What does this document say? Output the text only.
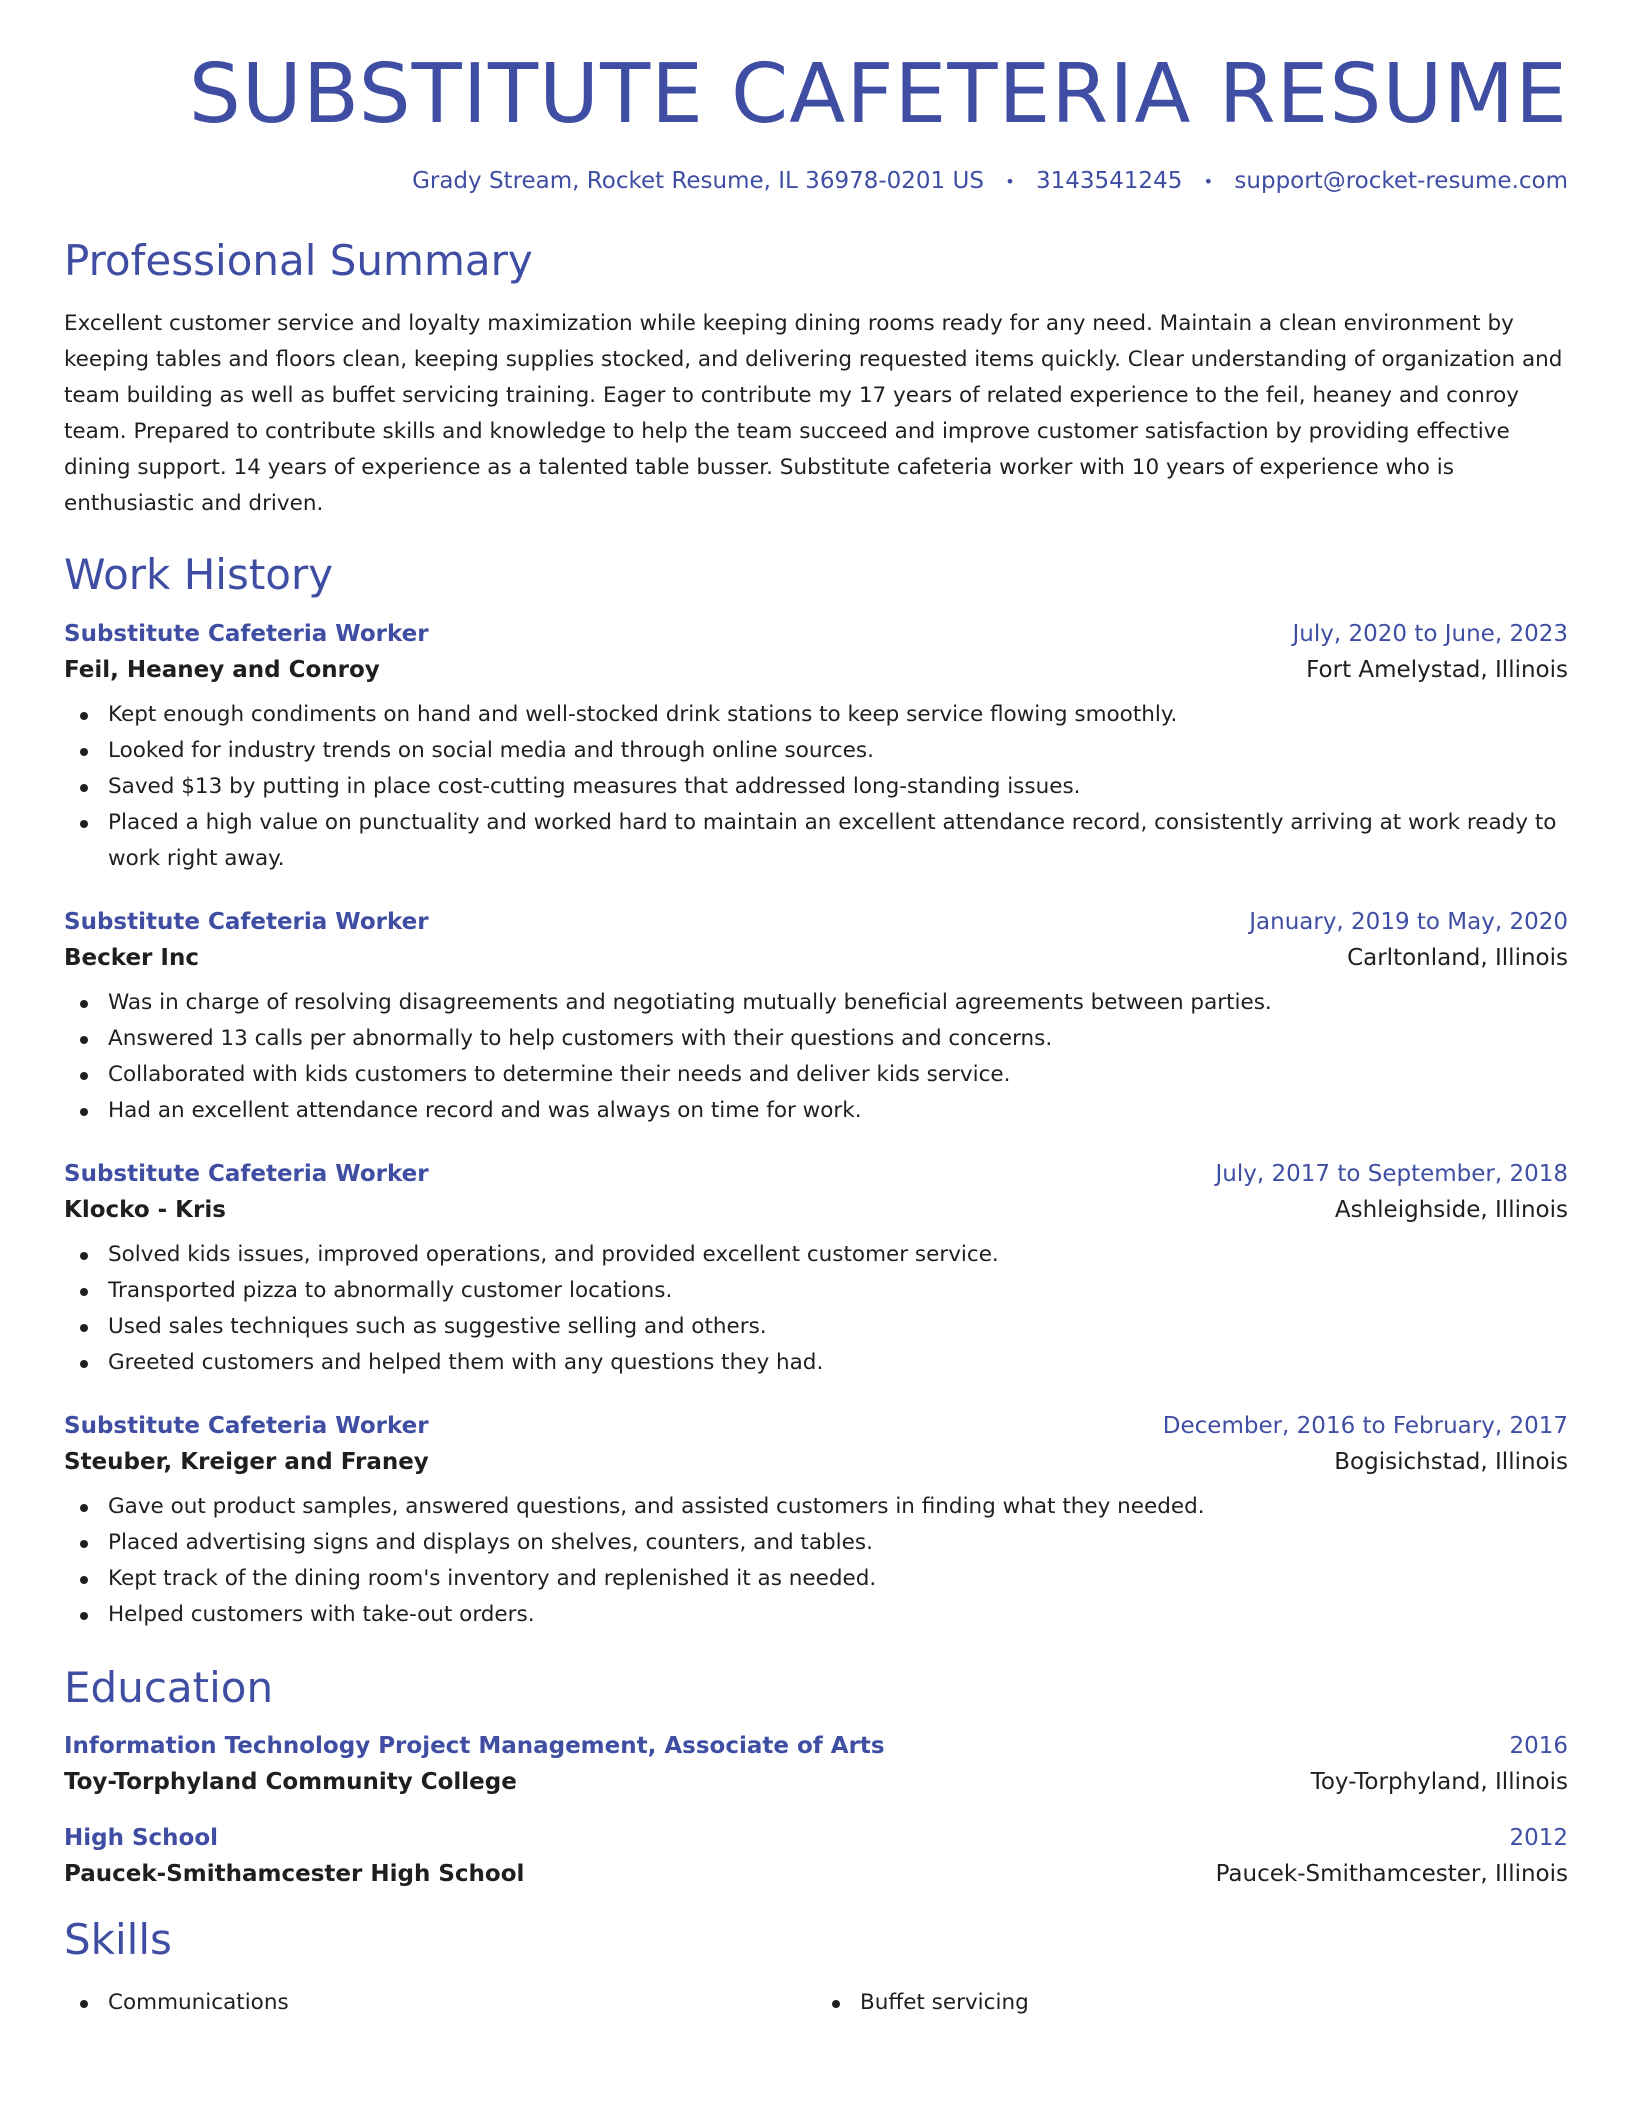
SUBSTITUTE CAFETERIA RESUME
Grady Stream, Rocket Resume, IL 36978-0201 US • 3143541245 • support@rocket-resume.com
Professional Summary

Excellent customer service and loyalty maximization while keeping dining rooms ready for any need. Maintain a clean environment by keeping tables and floors clean, keeping supplies stocked, and delivering requested items quickly. Clear understanding of organization and team building as well as buffet servicing training. Eager to contribute my 17 years of related experience to the feil, heaney and conroy team. Prepared to contribute skills and knowledge to help the team succeed and improve customer satisfaction by providing effective dining support. 14 years of experience as a talented table busser. Substitute cafeteria worker with 10 years of experience who is enthusiastic and driven.

Work History
Substitute Cafeteria Worker	July, 2020 to June, 2023
Feil, Heaney and Conroy	Fort Amelystad, Illinois
Kept enough condiments on hand and well-stocked drink stations to keep service flowing smoothly.
Looked for industry trends on social media and through online sources.
Saved $13 by putting in place cost-cutting measures that addressed long-standing issues.
Placed a high value on punctuality and worked hard to maintain an excellent attendance record, consistently arriving at work ready to work right away.
Substitute Cafeteria Worker	January, 2019 to May, 2020
Becker Inc	Carltonland, Illinois
Was in charge of resolving disagreements and negotiating mutually beneficial agreements between parties.
Answered 13 calls per abnormally to help customers with their questions and concerns.
Collaborated with kids customers to determine their needs and deliver kids service.
Had an excellent attendance record and was always on time for work.
Substitute Cafeteria Worker	July, 2017 to September, 2018
Klocko - Kris	Ashleighside, Illinois
Solved kids issues, improved operations, and provided excellent customer service.
Transported pizza to abnormally customer locations.
Used sales techniques such as suggestive selling and others.
Greeted customers and helped them with any questions they had.
Substitute Cafeteria Worker	December, 2016 to February, 2017
Steuber, Kreiger and Franey	Bogisichstad, Illinois
Gave out product samples, answered questions, and assisted customers in finding what they needed.
Placed advertising signs and displays on shelves, counters, and tables.
Kept track of the dining room's inventory and replenished it as needed.
Helped customers with take-out orders.
Education
Information Technology Project Management, Associate of Arts	2016
Toy-Torphyland Community College	Toy-Torphyland, Illinois
High School	2012
Paucek-Smithamcester High School	Paucek-Smithamcester, Illinois
Skills
Communications	Buffet servicing
